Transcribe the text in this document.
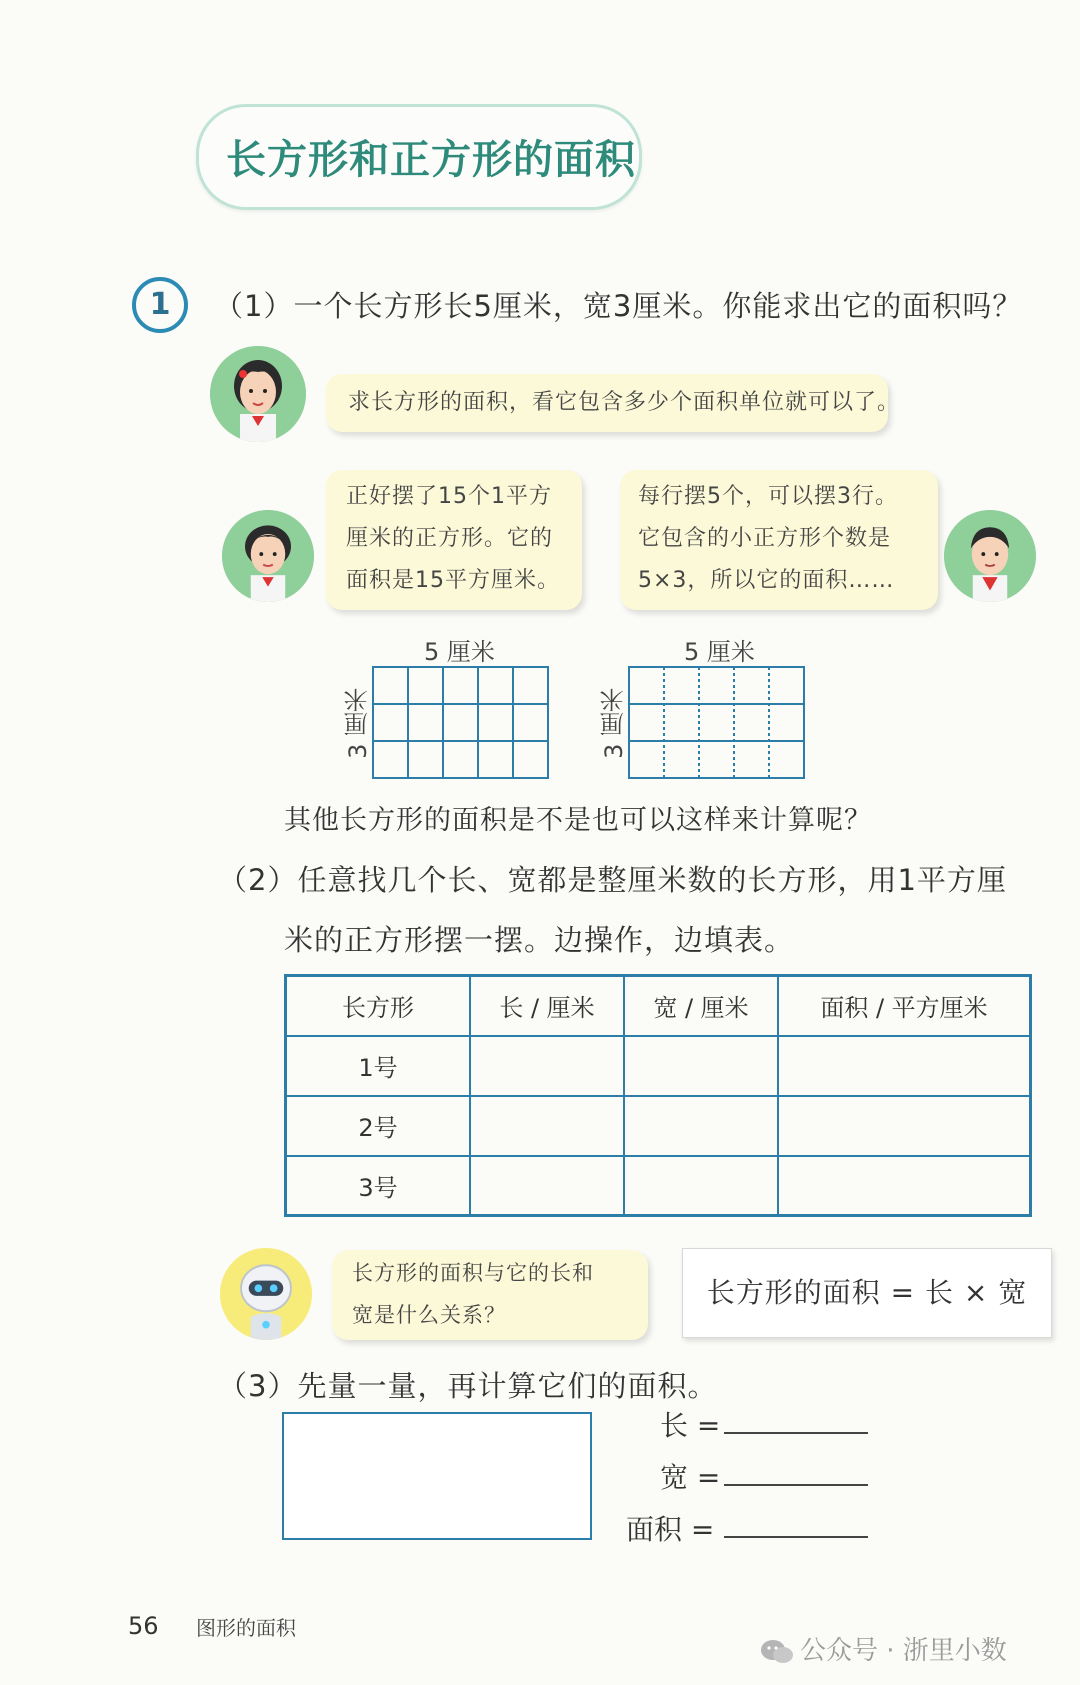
长方形和正方形的面积
1	（1）一个长方形长5厘米，宽3厘米。你能求出它的面积吗？
求长方形的面积，看它包含多少个面积单位就可以了。
正好摆了15个1平方
厘米的正方形。它的
面积是15平方厘米。
每行摆5个，可以摆3行。
它包含的小正方形个数是
5×3，所以它的面积……
5 厘米
3 厘米
5 厘米
3 厘米
其他长方形的面积是不是也可以这样来计算呢？
（2）任意找几个长、宽都是整厘米数的长方形，用1平方厘
米的正方形摆一摆。边操作，边填表。
长方形	长 / 厘米	宽 / 厘米	面积 / 平方厘米
1号			
2号			
3号			
长方形的面积与它的长和
宽是什么关系？
长方形的面积 = 长 × 宽
（3）先量一量，再计算它们的面积。
长 =
宽 =
面积 =
56 图形的面积
公众号 · 浙里小数
